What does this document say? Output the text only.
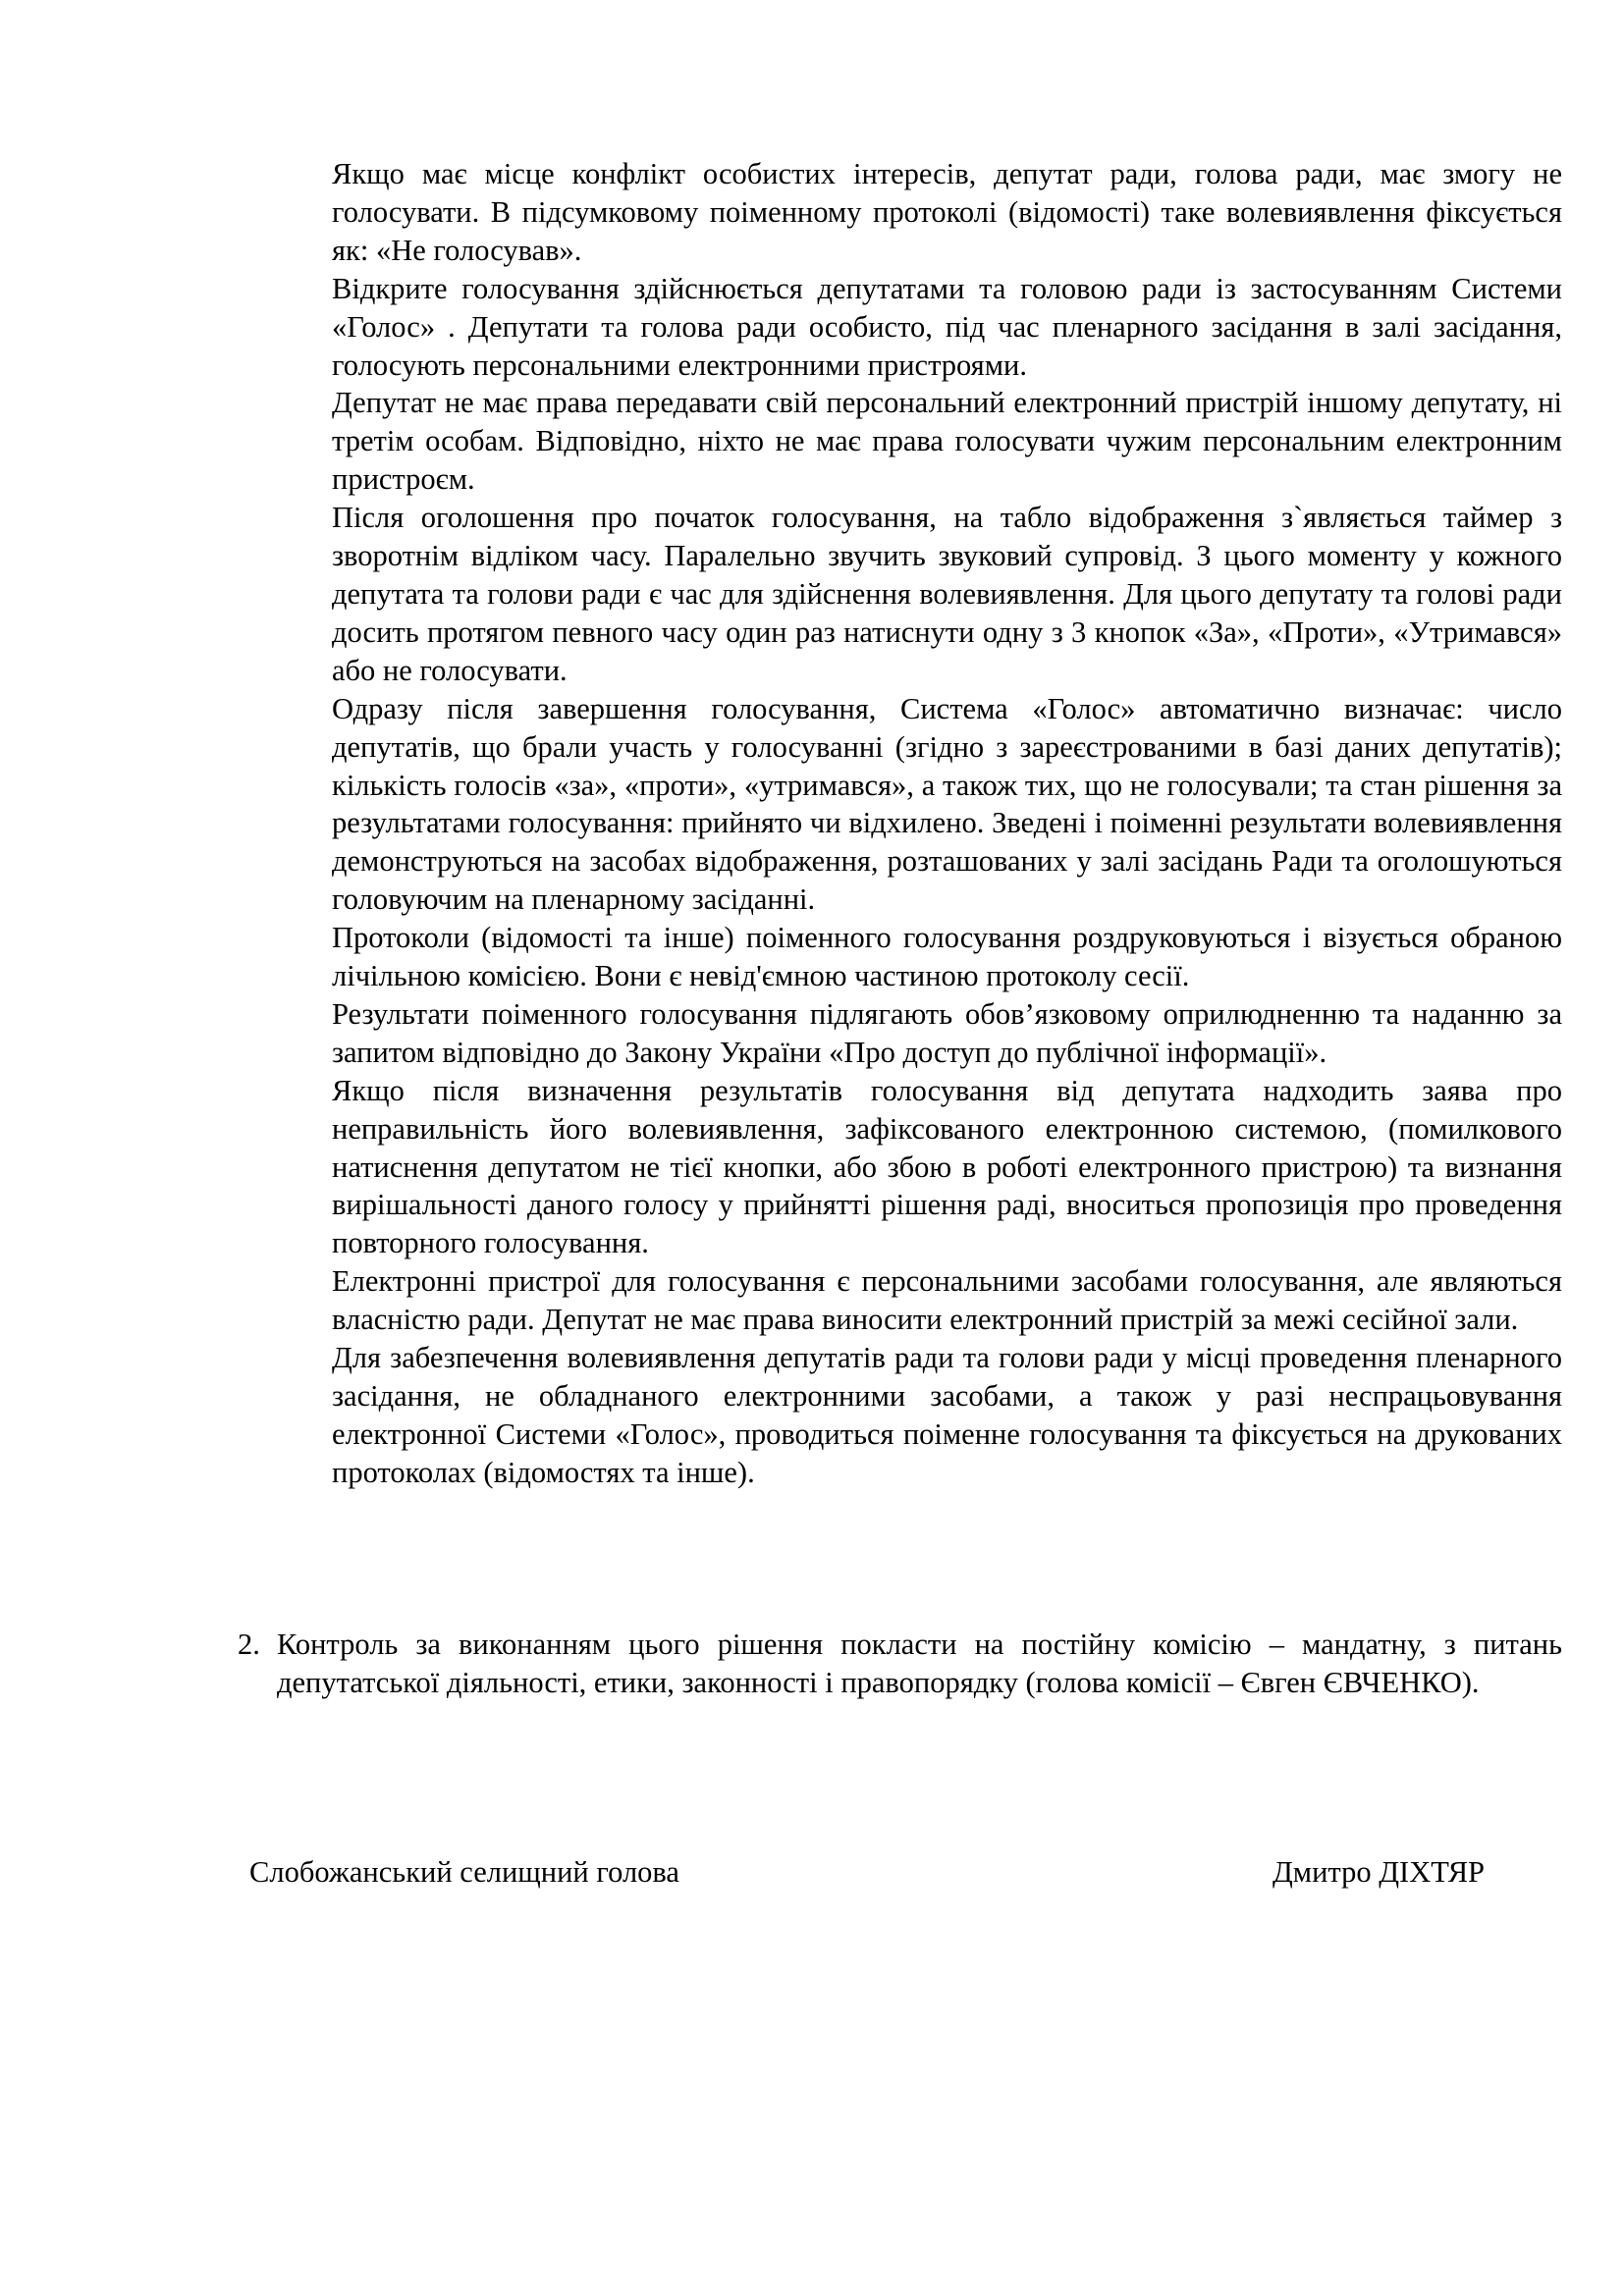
Якщо має місце конфлікт особистих інтересів, депутат ради, голова ради, має змогу не голосувати. В підсумковому поіменному протоколі (відомості) таке волевиявлення фіксується як: «Не голосував».

Відкрите голосування здійснюється депутатами та головою ради із застосуванням Системи «Голос» . Депутати та голова ради особисто, під час пленарного засідання в залі засідання, голосують персональними електронними пристроями.

Депутат не має права передавати свій персональний електронний пристрій іншому депутату, ні третім особам. Відповідно, ніхто не має права голосувати чужим персональним електронним пристроєм.

Після оголошення про початок голосування, на табло відображення з`являється таймер з зворотнім відліком часу. Паралельно звучить звуковий супровід. З цього моменту у кожного депутата та голови ради є час для здійснення волевиявлення. Для цього депутату та голові ради досить протягом певного часу один раз натиснути одну з 3 кнопок «За», «Проти», «Утримався» або не голосувати.

Одразу після завершення голосування, Система «Голос» автоматично визначає: число депутатів, що брали участь у голосуванні (згідно з зареєстрованими в базі даних депутатів); кількість голосів «за», «проти», «утримався», а також тих, що не голосували; та стан рішення за результатами голосування: прийнято чи відхилено. Зведені і поіменні результати волевиявлення демонструються на засобах відображення, розташованих у залі засідань Ради та оголошуються головуючим на пленарному засіданні.

Протоколи (відомості та інше) поіменного голосування роздруковуються і візується обраною лічільною комісією. Вони є невід'ємною частиною протоколу сесії.

Результати поіменного голосування підлягають обов’язковому оприлюдненню та наданню за запитом відповідно до Закону України «Про доступ до публічної інформації».

Якщо після визначення результатів голосування від депутата надходить заява про неправильність його волевиявлення, зафіксованого електронною системою, (помилкового натиснення депутатом не тієї кнопки, або збою в роботі електронного пристрою) та визнання вирішальності даного голосу у прийнятті рішення раді, вноситься пропозиція про проведення повторного голосування.

Електронні пристрої для голосування є персональними засобами голосування, але являються власністю ради. Депутат не має права виносити електронний пристрій за межі сесійної зали.

Для забезпечення волевиявлення депутатів ради та голови ради у місці проведення пленарного засідання, не обладнаного електронними засобами, а також у разі неспрацьовування електронної Системи «Голос», проводиться поіменне голосування та фіксується на друкованих протоколах (відомостях та інше).

2. Контроль за виконанням цього рішення покласти на постійну комісію – мандатну, з питань депутатської діяльності, етики, законності і правопорядку (голова комісії – Євген ЄВЧЕНКО).

Слобожанський селищний голова	Дмитро ДІХТЯР
